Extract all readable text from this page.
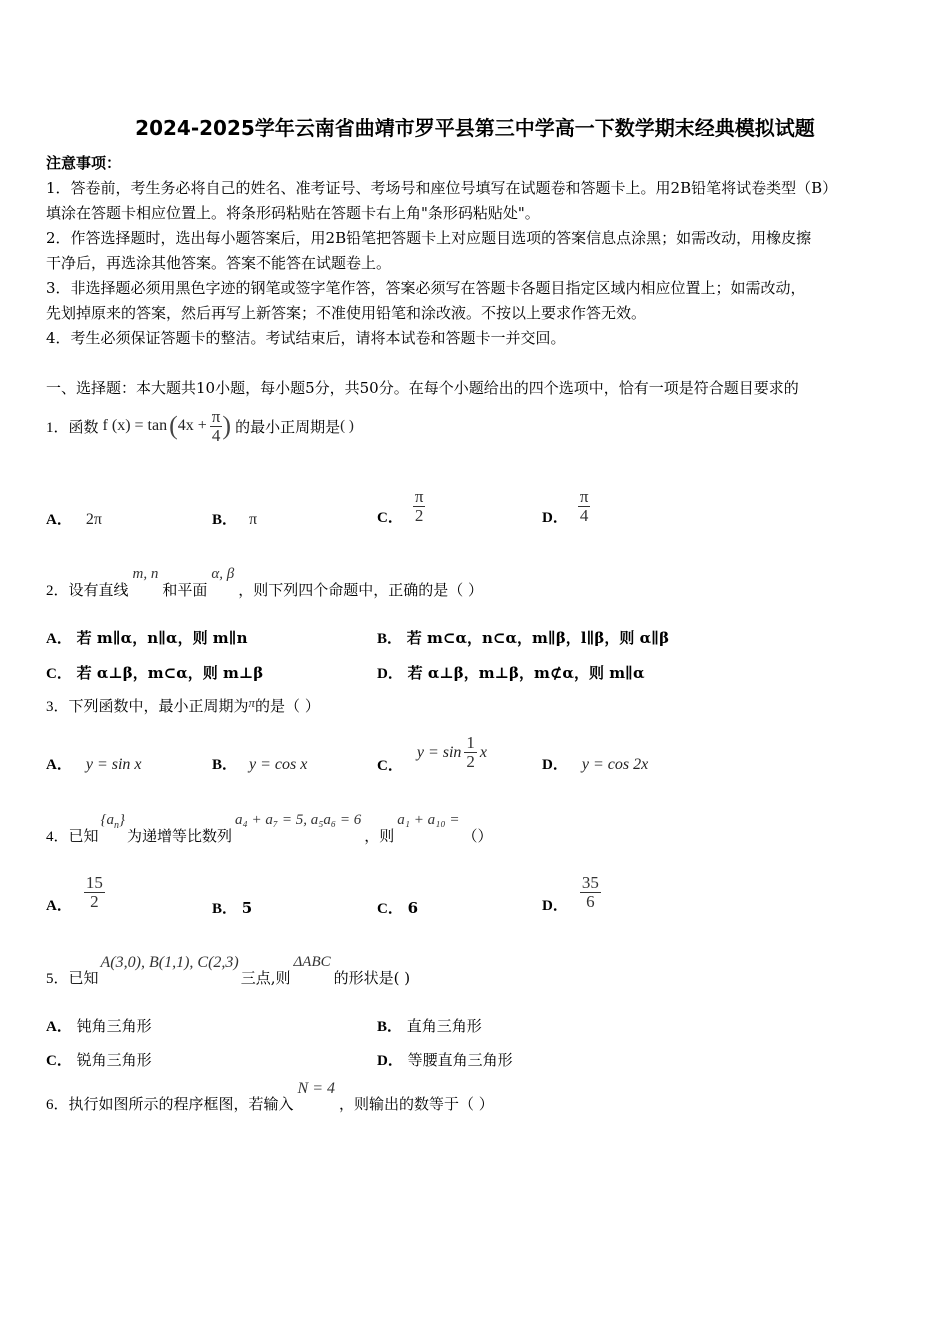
2024-2025学年云南省曲靖市罗平县第三中学高一下数学期末经典模拟试题
注意事项：
1．答卷前，考生务必将自己的姓名、准考证号、考场号和座位号填写在试题卷和答题卡上。用2B铅笔将试卷类型（B）
填涂在答题卡相应位置上。将条形码粘贴在答题卡右上角"条形码粘贴处"。
2．作答选择题时，选出每小题答案后，用2B铅笔把答题卡上对应题目选项的答案信息点涂黑；如需改动，用橡皮擦
干净后，再选涂其他答案。答案不能答在试题卷上。
3．非选择题必须用黑色字迹的钢笔或签字笔作答，答案必须写在答题卡各题目指定区域内相应位置上；如需改动，
先划掉原来的答案，然后再写上新答案；不准使用铅笔和涂改液。不按以上要求作答无效。
4．考生必须保证答题卡的整洁。考试结束后，请将本试卷和答题卡一并交回。
一、选择题：本大题共10小题，每小题5分，共50分。在每个小题给出的四个选项中，恰有一项是符合题目要求的
1． 函数 f (x) = tan ( $4x + \frac{\pi}{4}$ ) 的最小正周期是 ( )
A． 2π	B． π	C． $\frac{\pi}{2}$	D． $\frac{\pi}{4}$
2． 设有直线
m, n
和平面
α, β
，则下列四个命题中，正确的是（ ）
A． 若 m∥α，n∥α，则 m∥n	B． 若 m⊂α，n⊂α，m∥β，l∥β，则 α∥β
C． 若 α⊥β，m⊂α，则 m⊥β	D． 若 α⊥β，m⊥β，m⊄α，则 m∥α
3．下列函数中，最小正周期为π的是（ ）
A． y = sin x	B． y = cos x	C．
$y = \sin \frac{1}{2}$ x
D． y = cos 2x
4． 已知
$\{a_n\}$
为递增等比数列
a₄ + a₇ = 5, a₅a₆ = 6
，则
a₁ + a₁₀ =
（）
A． $\frac{15}{2}$	B． 5	C． 6	D． $\frac{35}{6}$
5． 已知
A(3,0), B(1,1), C(2,3)
三点,则
ΔABC
的形状是( )
A． 钝角三角形	B． 直角三角形
C． 锐角三角形	D． 等腰直角三角形
6． 执行如图所示的程序框图，若输入
N = 4
，则输出的数等于（ ）
